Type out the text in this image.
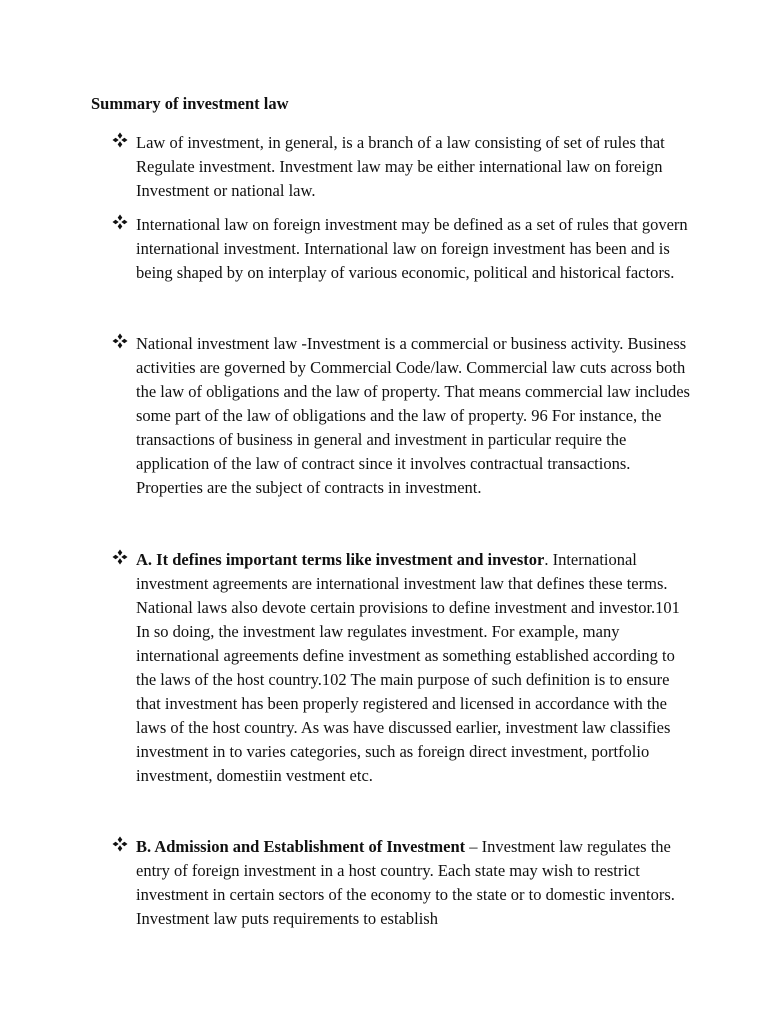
Summary of investment law
Law of investment, in general, is a branch of a law consisting of set of rules that Regulate investment. Investment law may be either international law on foreign Investment or national law.
International law on foreign investment may be defined as a set of rules that govern international investment. International law on foreign investment has been and is being shaped by on interplay of various economic, political and historical factors.
National investment law -Investment is a commercial or business activity. Business activities are governed by Commercial Code/law. Commercial law cuts across both the law of obligations and the law of property. That means commercial law includes some part of the law of obligations and the law of property. 96 For instance, the transactions of business in general and investment in particular require the application of the law of contract since it involves contractual transactions. Properties are the subject of contracts in investment.
A. It defines important terms like investment and investor. International investment agreements are international investment law that defines these terms. National laws also devote certain provisions to define investment and investor.101 In so doing, the investment law regulates investment. For example, many international agreements define investment as something established according to the laws of the host country.102 The main purpose of such definition is to ensure that investment has been properly registered and licensed in accordance with the laws of the host country. As was have discussed earlier, investment law classifies investment in to varies categories, such as foreign direct investment, portfolio investment, domestiin vestment etc.
B. Admission and Establishment of Investment – Investment law regulates the entry of foreign investment in a host country. Each state may wish to restrict investment in certain sectors of the economy to the state or to domestic inventors. Investment law puts requirements to establish
